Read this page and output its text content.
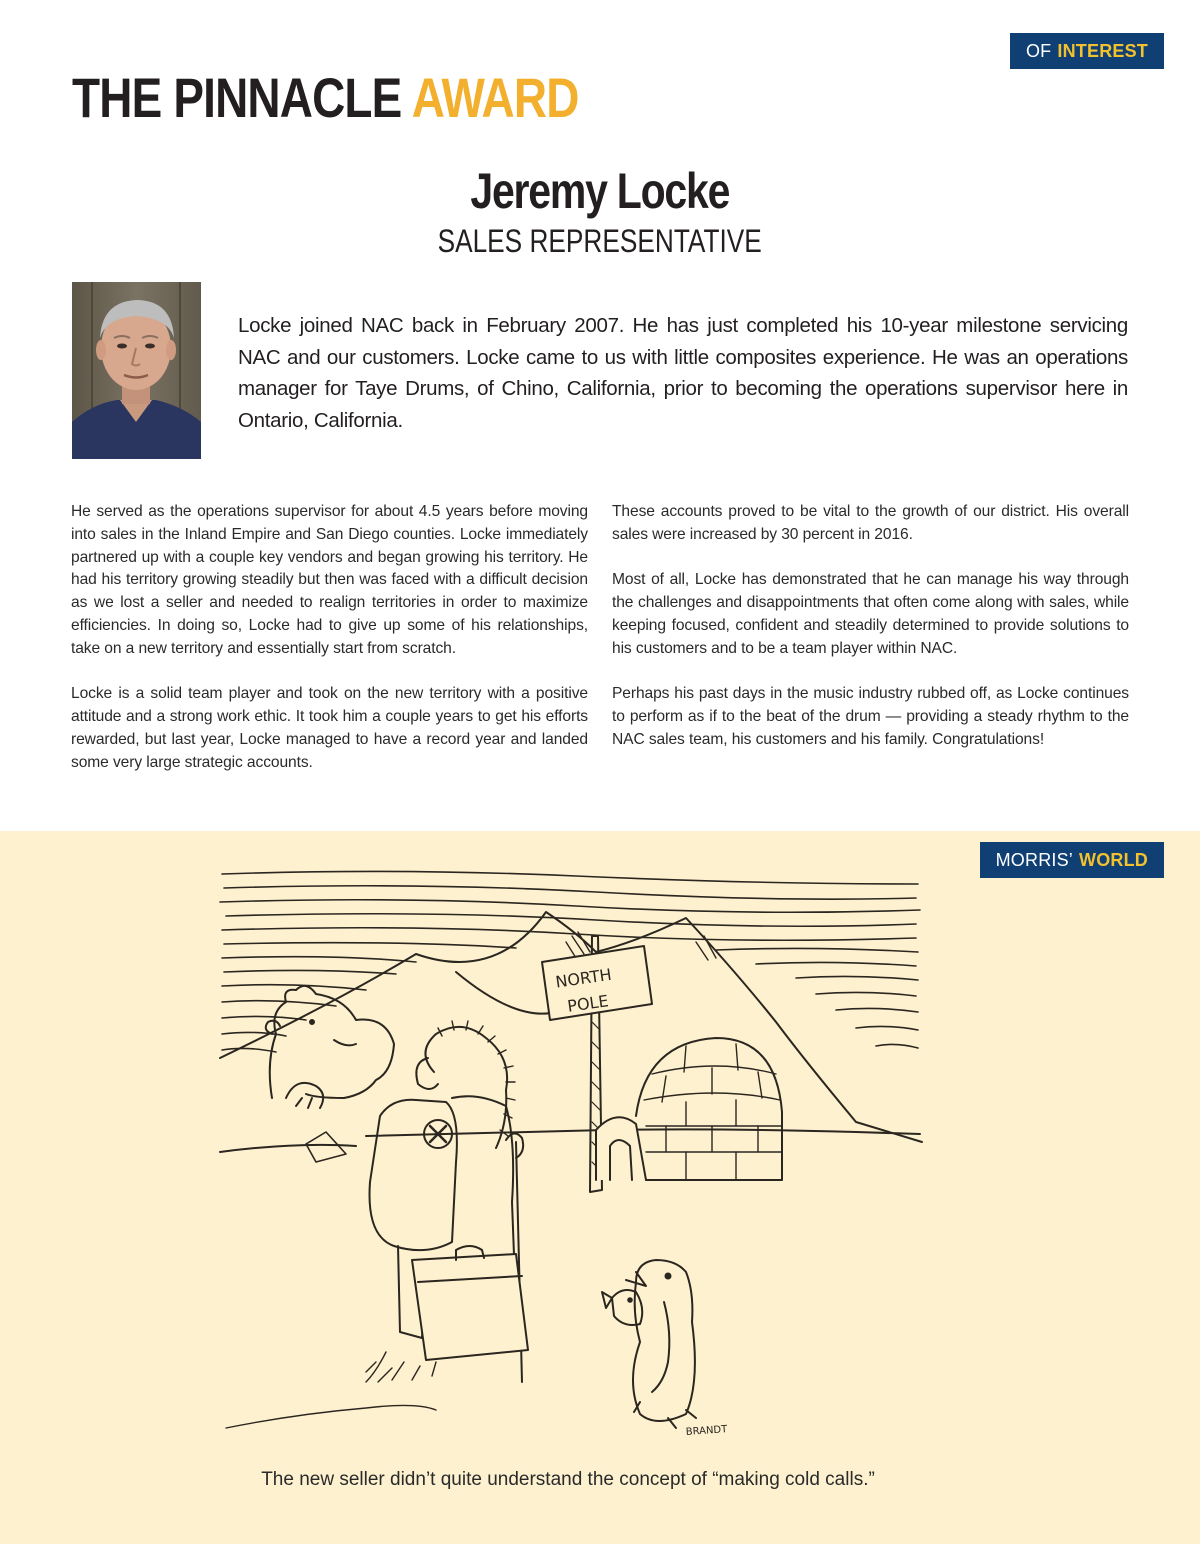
OF INTEREST
THE PINNACLE AWARD
Jeremy Locke
SALES REPRESENTATIVE

Locke joined NAC back in February 2007. He has just completed his 10-year milestone servicing NAC and our customers. Locke came to us with little composites experience. He was an operations manager for Taye Drums, of Chino, California, prior to becoming the operations supervisor here in Ontario, California.

He served as the operations supervisor for about 4.5 years before moving into sales in the Inland Empire and San Diego counties. Locke immediately partnered up with a couple key vendors and began growing his territory. He had his territory growing steadily but then was faced with a difficult decision as we lost a seller and needed to realign territories in order to maximize efficiencies. In doing so, Locke had to give up some of his relationships, take on a new territory and essentially start from scratch.

Locke is a solid team player and took on the new territory with a positive attitude and a strong work ethic. It took him a couple years to get his efforts rewarded, but last year, Locke managed to have a record year and landed some very large strategic accounts.

These accounts proved to be vital to the growth of our district. His overall sales were increased by 30 percent in 2016.

Most of all, Locke has demonstrated that he can manage his way through the challenges and disappointments that often come along with sales, while keeping focused, confident and steadily determined to provide solutions to his customers and to be a team player within NAC.

Perhaps his past days in the music industry rubbed off, as Locke continues to perform as if to the beat of the drum — providing a steady rhythm to the NAC sales team, his customers and his family. Congratulations!

MORRIS’ WORLD
NORTH
POLE
BRANDT
The new seller didn’t quite understand the concept of “making cold calls.”
